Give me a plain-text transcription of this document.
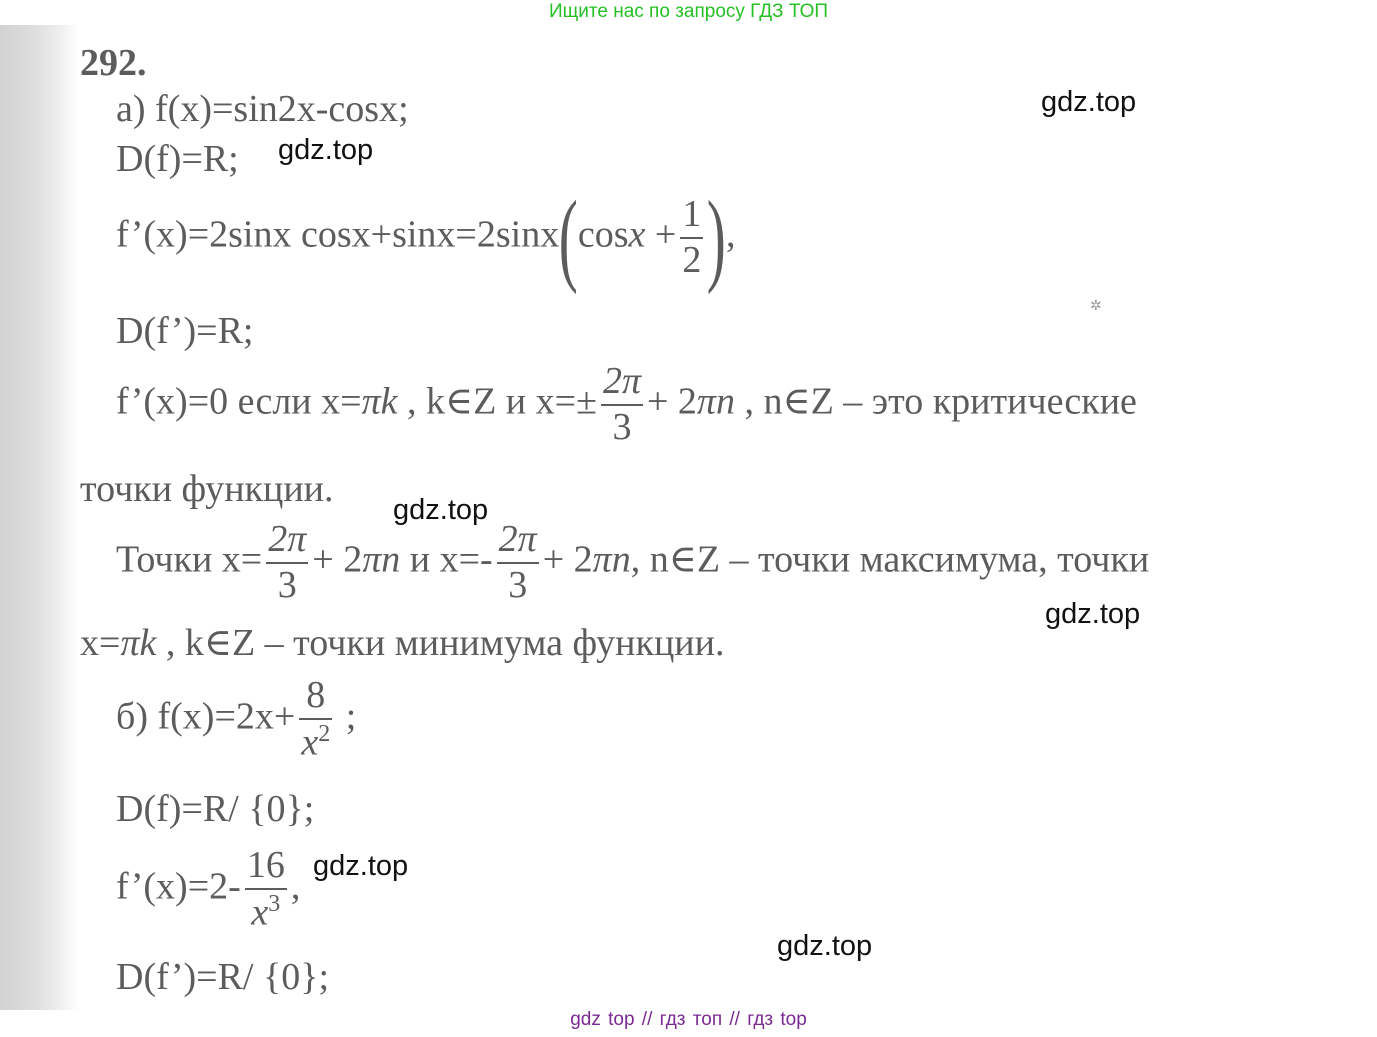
Ищите нас по запросу ГДЗ ТОП
gdz.top
gdz.top
gdz.top
gdz.top
gdz.top
gdz.top
✲
292.
а) f(x)=sin2x-cosx;
D(f)=R;
f’(x)=2sinx $\cos x+\sin x=2\sin x(\cos x + \frac{1}{2}$ ),
D(f’)=R;
f’(x)=0 если x=πk , k∈Z и $x=\pm \frac{2\pi}{3} + 2\pi n$ , n∈Z – это критические
точки функции.
Точки $x= \frac{2\pi}{3} + 2\pi n$ и $x=- \frac{2\pi}{3} + 2\pi n$, n∈Z – точки максимума, точки
x=πk , k∈Z – точки минимума функции.
б) $f(x)=2x+ \frac{8}{x^2}$ ;
D(f)=R/ {0};
f’(x)=2- $\frac{16}{x^3}$ ,
D(f’)=R/ {0};
gdz top // гдз топ // гдз top
